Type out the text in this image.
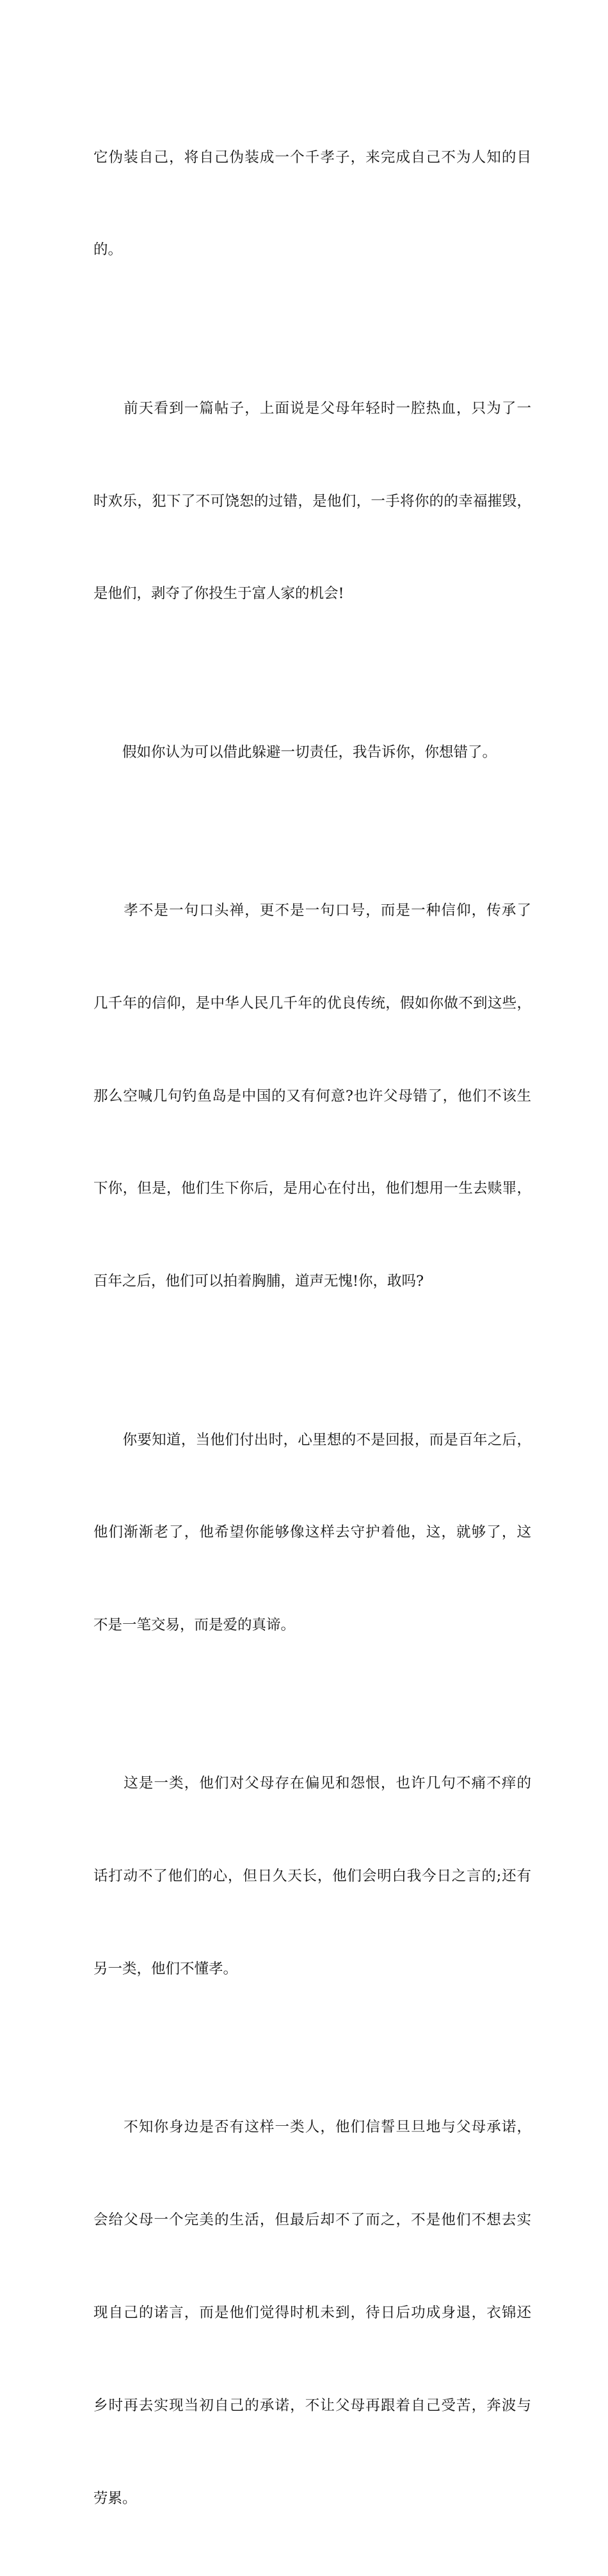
它伪装自己，将自己伪装成一个千孝子，来完成自己不为人知的目

的。

　　前天看到一篇帖子，上面说是父母年轻时一腔热血，只为了一

时欢乐，犯下了不可饶恕的过错，是他们，一手将你的的幸福摧毁，

是他们，剥夺了你投生于富人家的机会!

　　假如你认为可以借此躲避一切责任，我告诉你，你想错了。

　　孝不是一句口头禅，更不是一句口号，而是一种信仰，传承了

几千年的信仰，是中华人民几千年的优良传统，假如你做不到这些，

那么空喊几句钓鱼岛是中国的又有何意?也许父母错了，他们不该生

下你，但是，他们生下你后，是用心在付出，他们想用一生去赎罪，

百年之后，他们可以拍着胸脯，道声无愧!你，敢吗?

　　你要知道，当他们付出时，心里想的不是回报，而是百年之后，

他们渐渐老了，他希望你能够像这样去守护着他，这，就够了，这

不是一笔交易，而是爱的真谛。

　　这是一类，他们对父母存在偏见和怨恨，也许几句不痛不痒的

话打动不了他们的心，但日久天长，他们会明白我今日之言的;还有

另一类，他们不懂孝。

　　不知你身边是否有这样一类人，他们信誓旦旦地与父母承诺，

会给父母一个完美的生活，但最后却不了而之，不是他们不想去实

现自己的诺言，而是他们觉得时机未到，待日后功成身退，衣锦还

乡时再去实现当初自己的承诺，不让父母再跟着自己受苦，奔波与

劳累。
